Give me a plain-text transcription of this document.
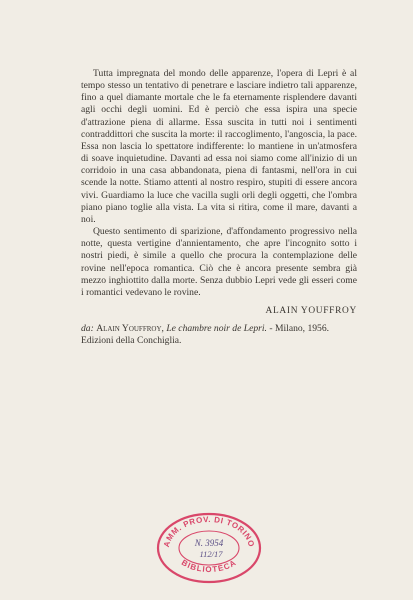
Tutta impregnata del mondo delle apparenze, l'opera di Lepri è al tempo stesso un tentativo di penetrare e lasciare indietro tali apparenze, fino a quel diamante mortale che le fa eternamente risplendere davanti agli occhi degli uomini. Ed è perciò che essa ispira una specie d'attrazione piena di allarme. Essa suscita in tutti noi i sentimenti contraddittori che suscita la morte: il raccoglimento, l'angoscia, la pace. Essa non lascia lo spettatore indifferente: lo mantiene in un'atmosfera di soave inquietudine. Davanti ad essa noi siamo come all'inizio di un corridoio in una casa abbandonata, piena di fantasmi, nell'ora in cui scende la notte. Stiamo attenti al nostro respiro, stupiti di essere ancora vivi. Guardiamo la luce che vacilla sugli orli degli oggetti, che l'ombra piano piano toglie alla vista. La vita si ritira, come il mare, davanti a noi.

Questo sentimento di sparizione, d'affondamento progressivo nella notte, questa vertigine d'annientamento, che apre l'incognito sotto i nostri piedi, è simile a quello che procura la contemplazione delle rovine nell'epoca romantica. Ciò che è ancora presente sembra già mezzo inghiottito dalla morte. Senza dubbio Lepri vede gli esseri come i romantici vedevano le rovine.

ALAIN YOUFFROY

da: Alain Youffroy, Le chambre noir de Lepri. - Milano, 1956.
Edizioni della Conchiglia.

AMM. PROV. DI TORINO
BIBLIOTECA
N. 3954
112/17
